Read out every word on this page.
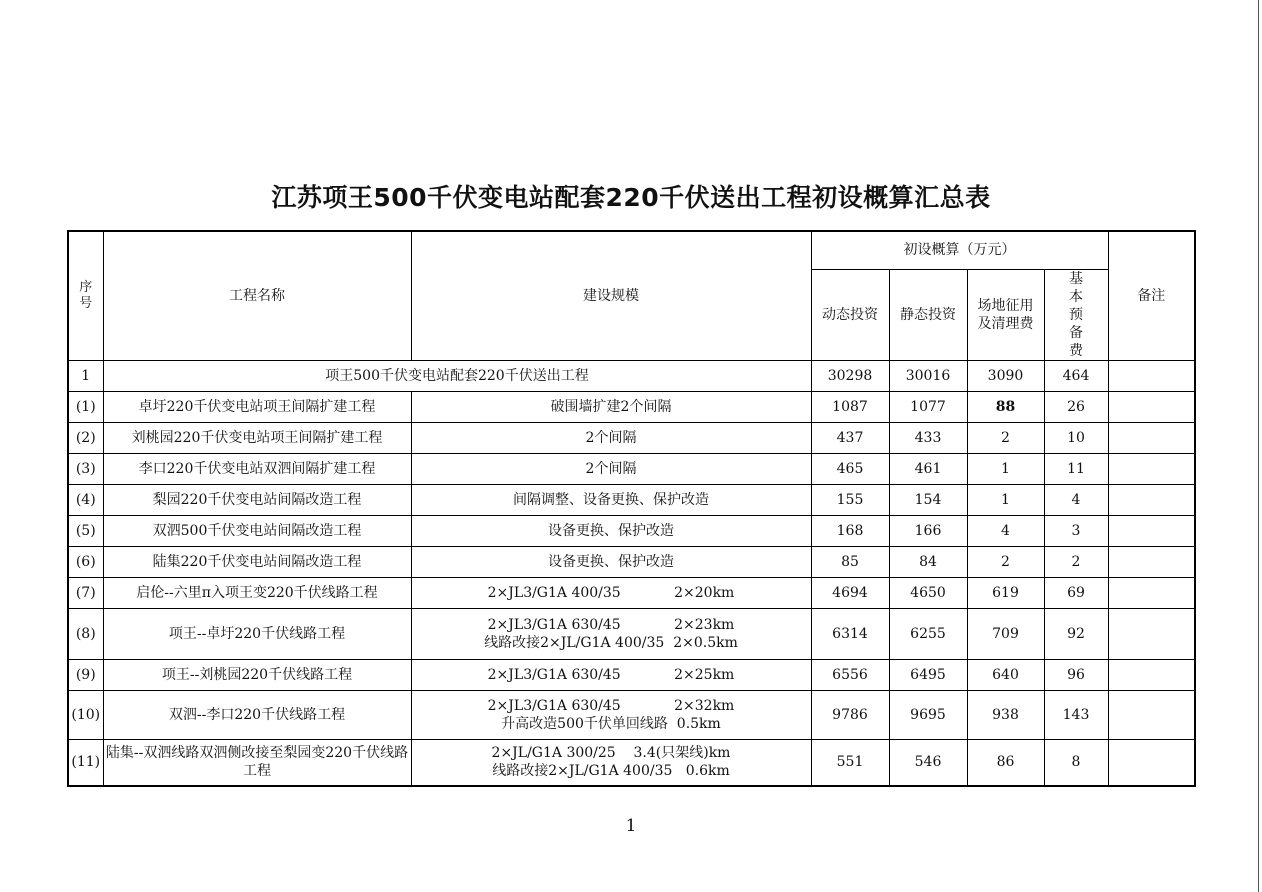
江苏项王500千伏变电站配套220千伏送出工程初设概算汇总表
序号	工程名称	建设规模	初设概算（万元）				备注
			动态投资	静态投资	场地征用及清理费	基本预备费	
1	项王500千伏变电站配套220千伏送出工程		30298	30016	3090	464	
(1)	卓圩220千伏变电站项王间隔扩建工程	破围墙扩建2个间隔	1087	1077	88	26	
(2)	刘桃园220千伏变电站项王间隔扩建工程	2个间隔	437	433	2	10	
(3)	李口220千伏变电站双泗间隔扩建工程	2个间隔	465	461	1	11	
(4)	梨园220千伏变电站间隔改造工程	间隔调整、设备更换、保护改造	155	154	1	4	
(5)	双泗500千伏变电站间隔改造工程	设备更换、保护改造	168	166	4	3	
(6)	陆集220千伏变电站间隔改造工程	设备更换、保护改造	85	84	2	2	
(7)	启伦--六里π入项王变220千伏线路工程	2×JL3/G1A 400/35            2×20km	4694	4650	619	69	
(8)	项王--卓圩220千伏线路工程	2×JL3/G1A 630/45            2×23km
线路改接2×JL/G1A 400/35  2×0.5km	6314	6255	709	92	
(9)	项王--刘桃园220千伏线路工程	2×JL3/G1A 630/45            2×25km	6556	6495	640	96	
(10)	双泗--李口220千伏线路工程	2×JL3/G1A 630/45            2×32km
升高改造500千伏单回线路  0.5km	9786	9695	938	143	
(11)	陆集--双泗线路双泗侧改接至梨园变220千伏线路工程	2×JL/G1A 300/25    3.4(只架线)km
线路改接2×JL/G1A 400/35   0.6km	551	546	86	8	
1
